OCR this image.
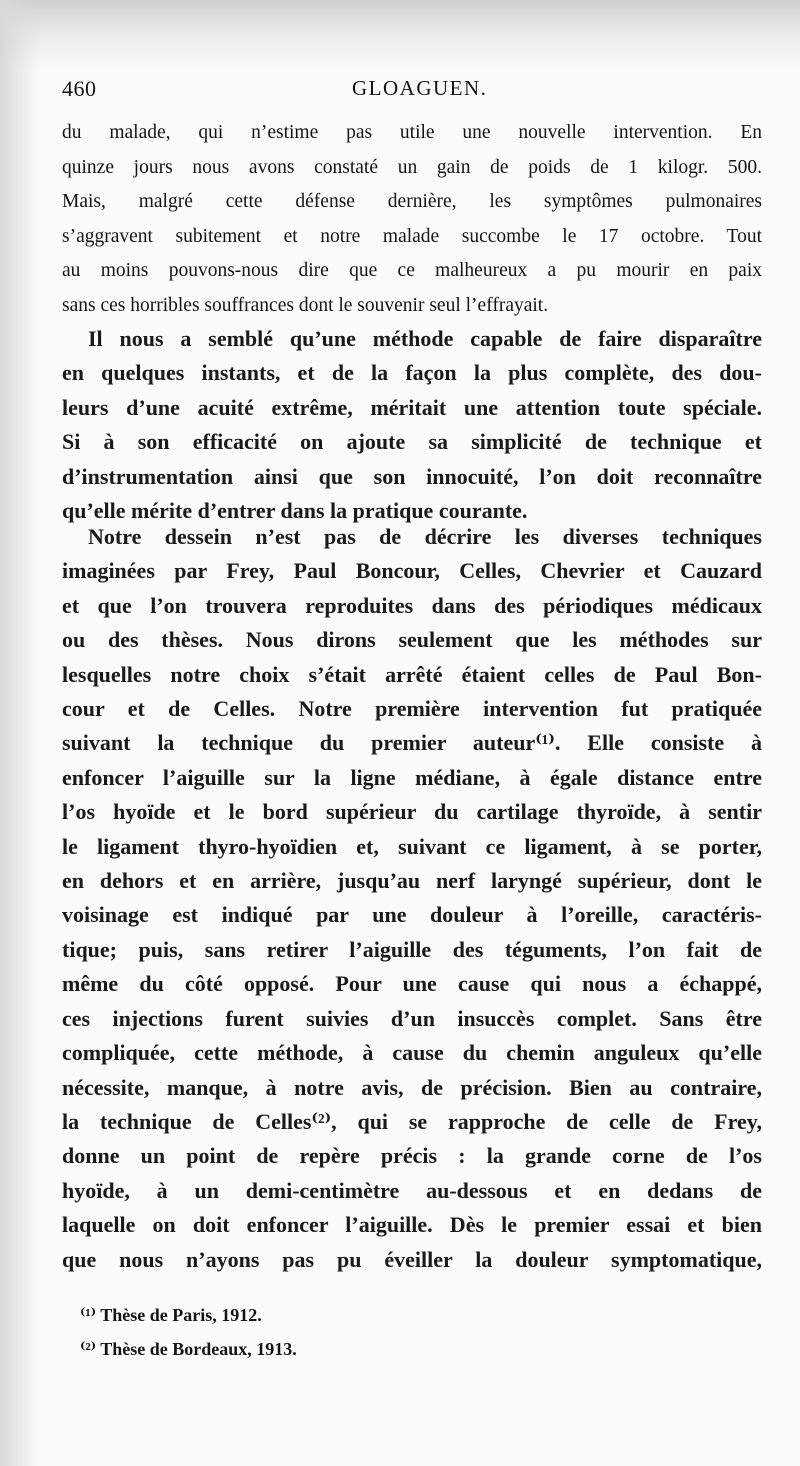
460	GLOAGUEN.

du malade, qui n’estime pas utile une nouvelle intervention. En
quinze jours nous avons constaté un gain de poids de 1 kilogr. 500.
Mais, malgré cette défense dernière, les symptômes pulmonaires
s’aggravent subitement et notre malade succombe le 17 octobre. Tout
au moins pouvons-nous dire que ce malheureux a pu mourir en paix
sans ces horribles souffrances dont le souvenir seul l’effrayait.

Il nous a semblé qu’une méthode capable de faire disparaître
en quelques instants, et de la façon la plus complète, des dou-
leurs d’une acuité extrême, méritait une attention toute spéciale.
Si à son efficacité on ajoute sa simplicité de technique et
d’instrumentation ainsi que son innocuité, l’on doit reconnaître
qu’elle mérite d’entrer dans la pratique courante.

Notre dessein n’est pas de décrire les diverses techniques
imaginées par Frey, Paul Boncour, Celles, Chevrier et Cauzard
et que l’on trouvera reproduites dans des périodiques médicaux
ou des thèses. Nous dirons seulement que les méthodes sur
lesquelles notre choix s’était arrêté étaient celles de Paul Bon-
cour et de Celles. Notre première intervention fut pratiquée
suivant la technique du premier auteur⁽¹⁾. Elle consiste à
enfoncer l’aiguille sur la ligne médiane, à égale distance entre
l’os hyoïde et le bord supérieur du cartilage thyroïde, à sentir
le ligament thyro-hyoïdien et, suivant ce ligament, à se porter,
en dehors et en arrière, jusqu’au nerf laryngé supérieur, dont le
voisinage est indiqué par une douleur à l’oreille, caractéris-
tique; puis, sans retirer l’aiguille des téguments, l’on fait de
même du côté opposé. Pour une cause qui nous a échappé,
ces injections furent suivies d’un insuccès complet. Sans être
compliquée, cette méthode, à cause du chemin anguleux qu’elle
nécessite, manque, à notre avis, de précision. Bien au contraire,
la technique de Celles⁽²⁾, qui se rapproche de celle de Frey,
donne un point de repère précis : la grande corne de l’os
hyoïde, à un demi-centimètre au-dessous et en dedans de
laquelle on doit enfoncer l’aiguille. Dès le premier essai et bien
que nous n’ayons pas pu éveiller la douleur symptomatique,

⁽¹⁾ Thèse de Paris, 1912.
⁽²⁾ Thèse de Bordeaux, 1913.
